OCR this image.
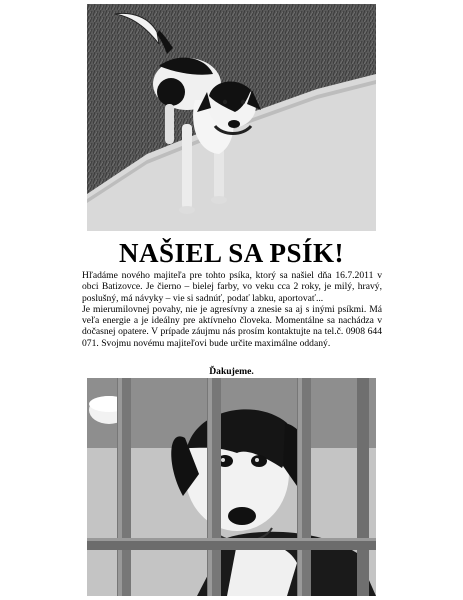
NAŠIEL SA PSÍK!

Hľadáme nového majiteľa pre tohto psíka, ktorý sa našiel dňa 16.7.2011 v obci Batizovce. Je čierno – bielej farby, vo veku cca 2 roky, je milý, hravý, poslušný, má návyky – vie si sadnúť, podať labku, aportovať...

Je mierumilovnej povahy, nie je agresívny a znesie sa aj s inými psíkmi. Má veľa energie a je ideálny pre aktívneho človeka. Momentálne sa nachádza v dočasnej opatere. V prípade záujmu nás prosím kontaktujte na tel.č. 0908 644 071. Svojmu novému majiteľovi bude určite maximálne oddaný.

Ďakujeme.
